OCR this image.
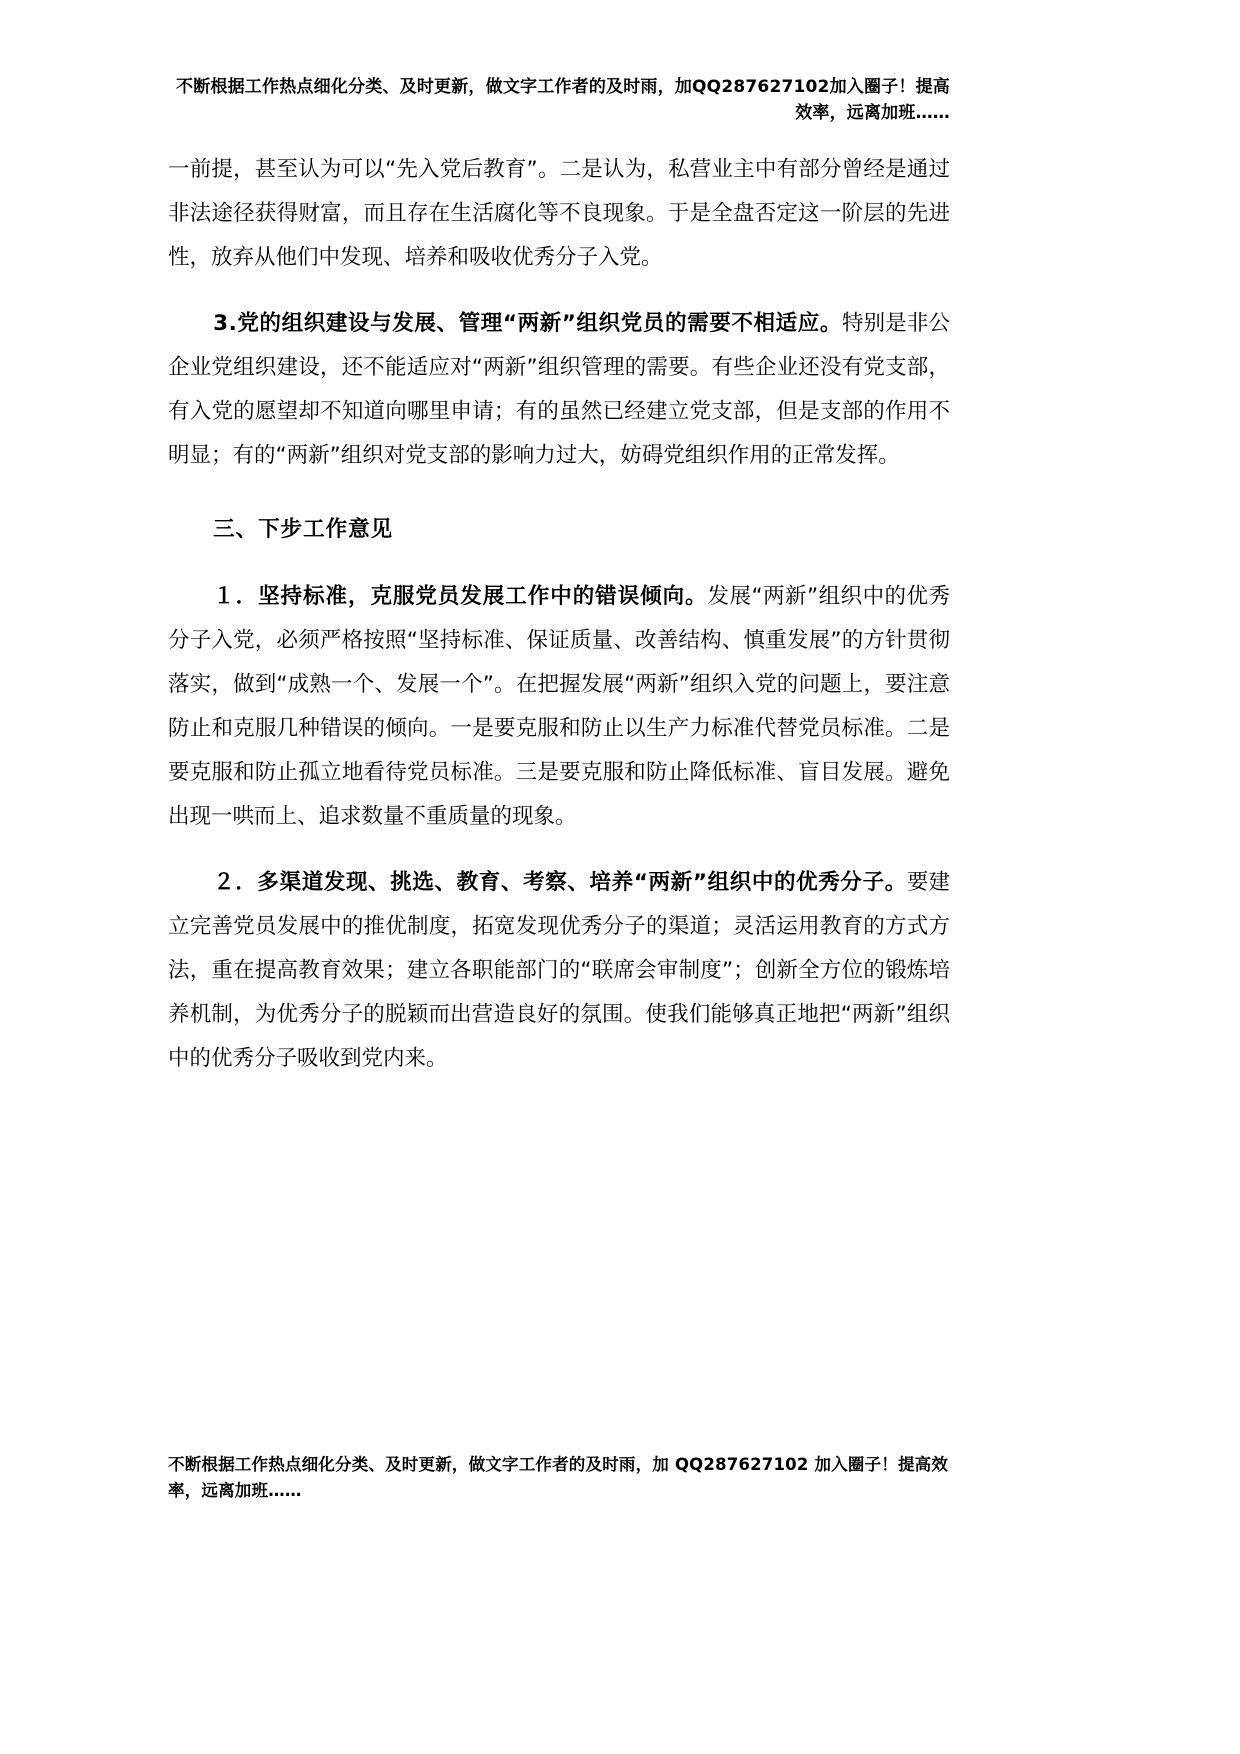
不断根据工作热点细化分类、及时更新，做文字工作者的及时雨，加QQ287627102加入圈子！提高效率，远离加班……

一前提，甚至认为可以“先入党后教育”。二是认为，私营业主中有部分曾经是通过非法途径获得财富，而且存在生活腐化等不良现象。于是全盘否定这一阶层的先进性，放弃从他们中发现、培养和吸收优秀分子入党。

3.党的组织建设与发展、管理“两新”组织党员的需要不相适应。特别是非公企业党组织建设，还不能适应对“两新”组织管理的需要。有些企业还没有党支部，有入党的愿望却不知道向哪里申请；有的虽然已经建立党支部，但是支部的作用不明显；有的“两新”组织对党支部的影响力过大，妨碍党组织作用的正常发挥。

三、下步工作意见

１．坚持标准，克服党员发展工作中的错误倾向。发展“两新”组织中的优秀分子入党，必须严格按照“坚持标准、保证质量、改善结构、慎重发展”的方针贯彻落实，做到“成熟一个、发展一个”。在把握发展“两新”组织入党的问题上，要注意防止和克服几种错误的倾向。一是要克服和防止以生产力标准代替党员标准。二是要克服和防止孤立地看待党员标准。三是要克服和防止降低标准、盲目发展。避免出现一哄而上、追求数量不重质量的现象。

２．多渠道发现、挑选、教育、考察、培养“两新”组织中的优秀分子。要建立完善党员发展中的推优制度，拓宽发现优秀分子的渠道；灵活运用教育的方式方法，重在提高教育效果；建立各职能部门的“联席会审制度”；创新全方位的锻炼培养机制，为优秀分子的脱颖而出营造良好的氛围。使我们能够真正地把“两新”组织中的优秀分子吸收到党内来。

不断根据工作热点细化分类、及时更新，做文字工作者的及时雨，加 QQ287627102 加入圈子！提高效率，远离加班……
